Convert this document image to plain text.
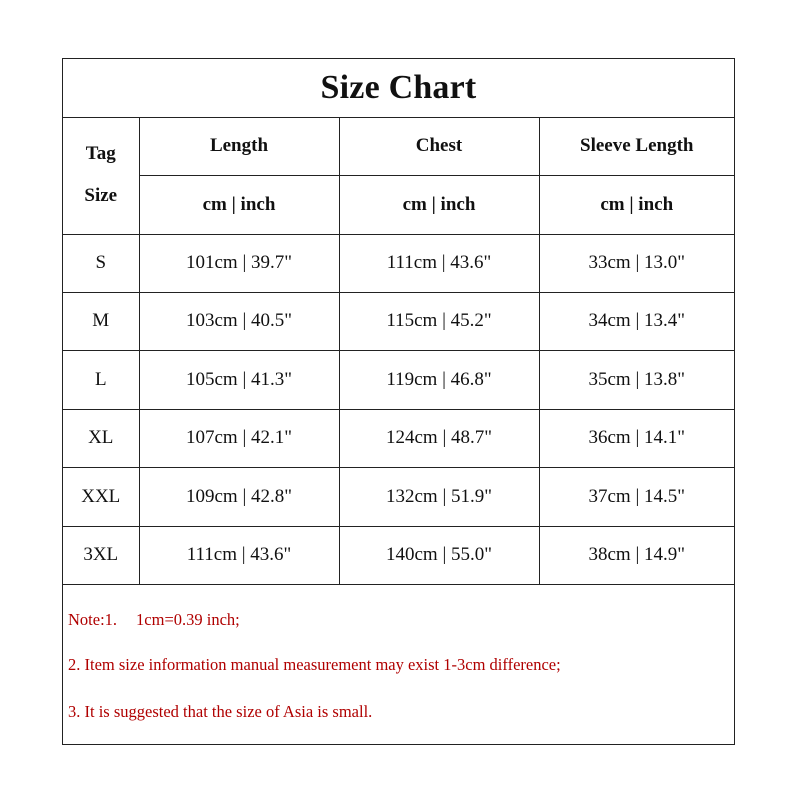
Size Chart
Tag
Size	Length	Chest	Sleeve Length
	cm | inch	cm | inch	cm | inch
S	101cm | 39.7"	111cm | 43.6"	33cm | 13.0"
M	103cm | 40.5"	115cm | 45.2"	34cm | 13.4"
L	105cm | 41.3"	119cm | 46.8"	35cm | 13.8"
XL	107cm | 42.1"	124cm | 48.7"	36cm | 14.1"
XXL	109cm | 42.8"	132cm | 51.9"	37cm | 14.5"
3XL	111cm | 43.6"	140cm | 55.0"	38cm | 14.9"
Note:1. 1cm=0.39 inch;
2. Item size information manual measurement may exist 1-3cm difference;
3. It is suggested that the size of Asia is small.
